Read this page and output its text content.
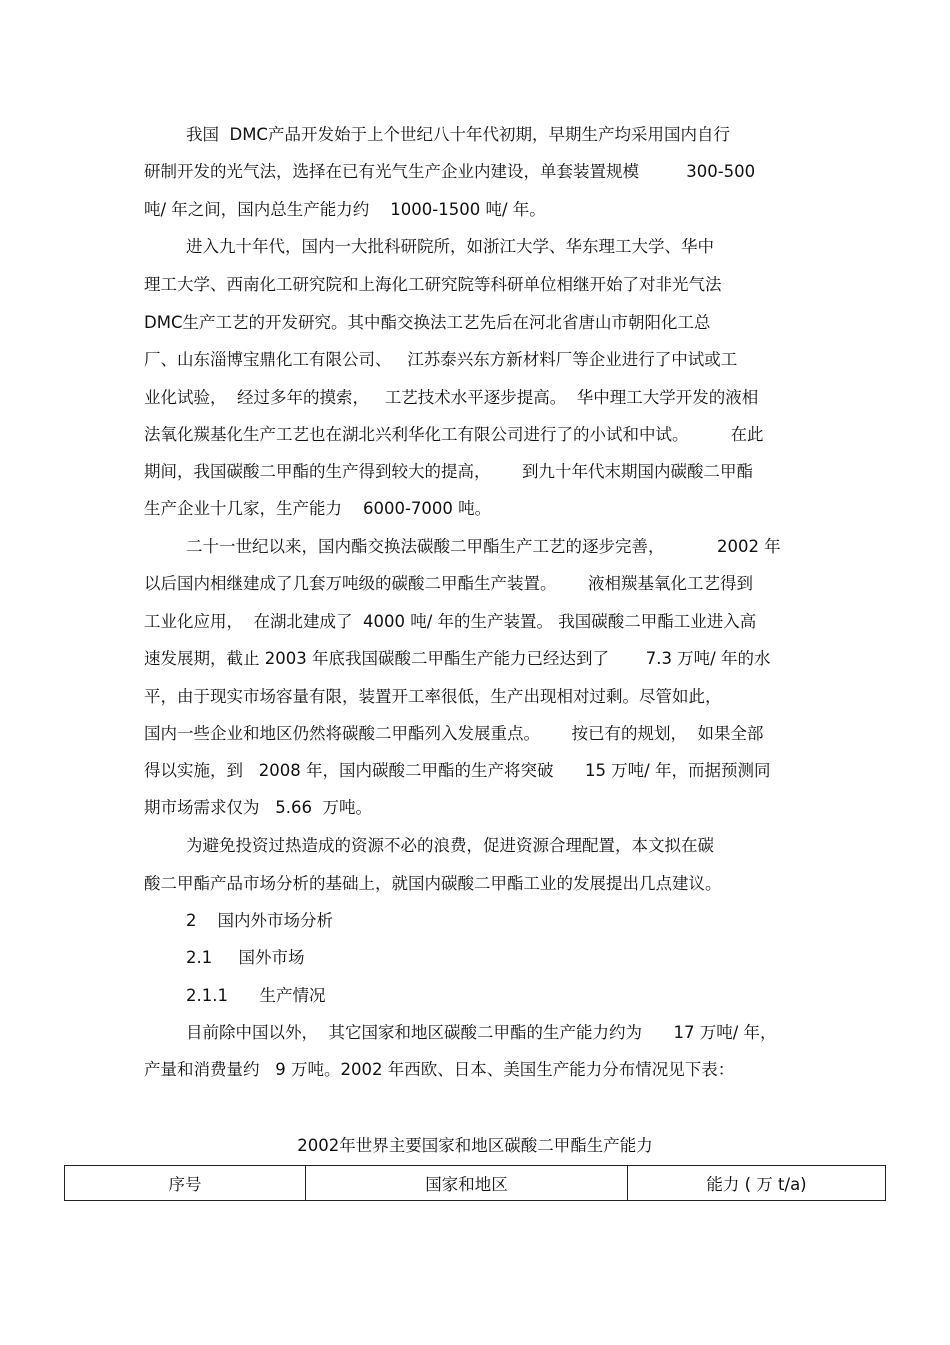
我国  DMC产品开发始于上个世纪八十年代初期，早期生产均采用国内自行
研制开发的光气法，选择在已有光气生产企业内建设，单套装置规模         300-500
吨/ 年之间，国内总生产能力约    1000-1500 吨/ 年。
进入九十年代，国内一大批科研院所，如浙江大学、华东理工大学、华中
理工大学、西南化工研究院和上海化工研究院等科研单位相继开始了对非光气法
DMC生产工艺的开发研究。其中酯交换法工艺先后在河北省唐山市朝阳化工总
厂、山东淄博宝鼎化工有限公司、   江苏泰兴东方新材料厂等企业进行了中试或工
业化试验，  经过多年的摸索，   工艺技术水平逐步提高。  华中理工大学开发的液相
法氧化羰基化生产工艺也在湖北兴利华化工有限公司进行了的小试和中试。        在此
期间，我国碳酸二甲酯的生产得到较大的提高，      到九十年代末期国内碳酸二甲酯
生产企业十几家，生产能力    6000-7000 吨。
二十一世纪以来，国内酯交换法碳酸二甲酯生产工艺的逐步完善，          2002 年
以后国内相继建成了几套万吨级的碳酸二甲酯生产装置。      液相羰基氧化工艺得到
工业化应用，  在湖北建成了  4000 吨/ 年的生产装置。 我国碳酸二甲酯工业进入高
速发展期，截止 2003 年底我国碳酸二甲酯生产能力已经达到了       7.3 万吨/ 年的水
平，由于现实市场容量有限，装置开工率很低，生产出现相对过剩。尽管如此，
国内一些企业和地区仍然将碳酸二甲酯列入发展重点。      按已有的规划，  如果全部
得以实施，到   2008 年，国内碳酸二甲酯的生产将突破      15 万吨/ 年，而据预测同
期市场需求仅为   5.66  万吨。
为避免投资过热造成的资源不必的浪费，促进资源合理配置，本文拟在碳
酸二甲酯产品市场分析的基础上，就国内碳酸二甲酯工业的发展提出几点建议。
2    国内外市场分析
2.1     国外市场
2.1.1      生产情况
目前除中国以外，  其它国家和地区碳酸二甲酯的生产能力约为      17 万吨/ 年，
产量和消费量约   9 万吨。2002 年西欧、日本、美国生产能力分布情况见下表：
2002年世界主要国家和地区碳酸二甲酯生产能力
序号	国家和地区	能力 ( 万 t/a)
